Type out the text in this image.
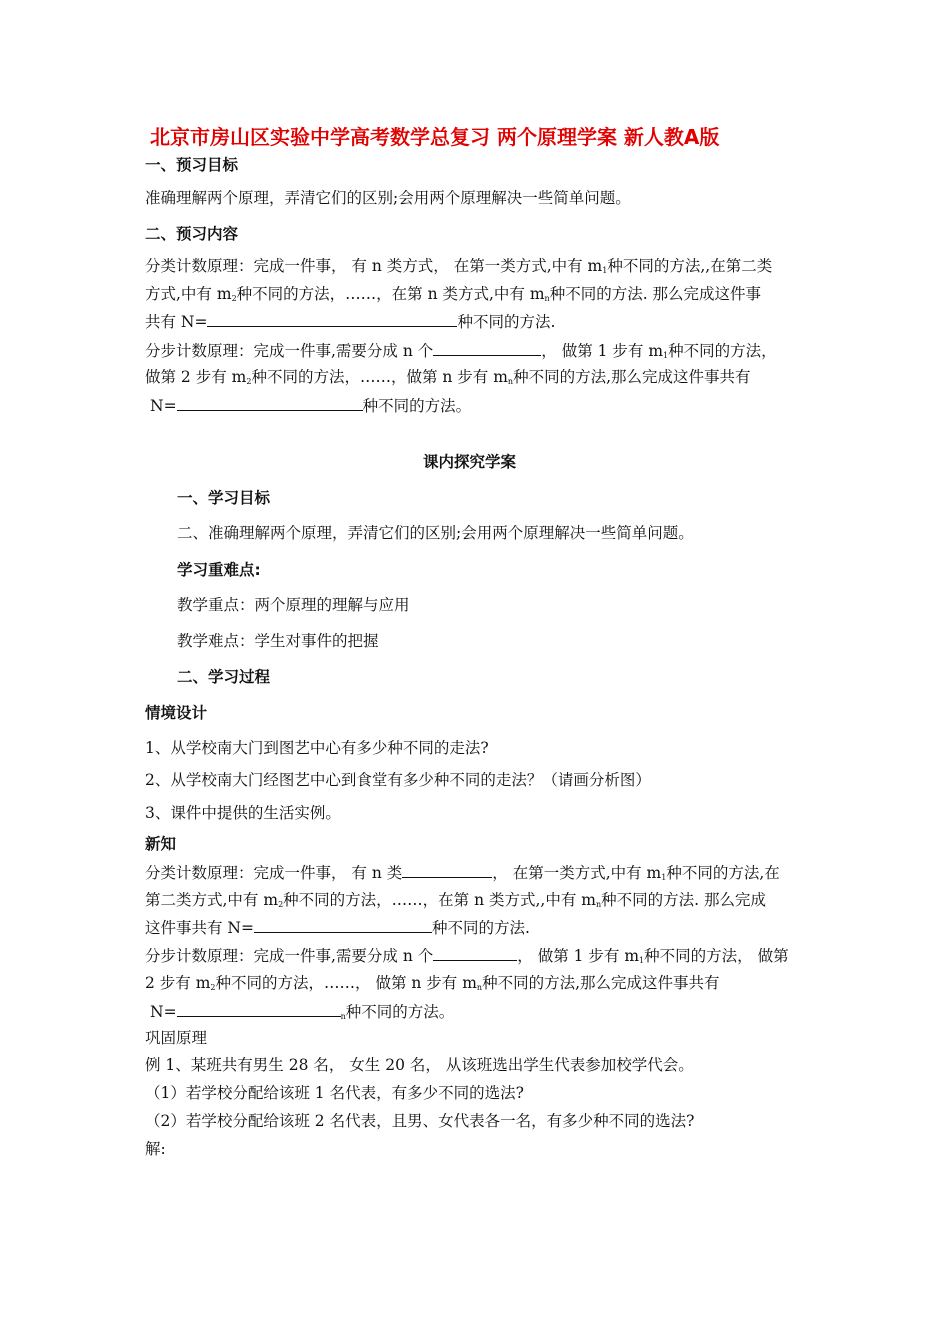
北京市房山区实验中学高考数学总复习 两个原理学案 新人教A版
一、预习目标
准确理解两个原理，弄清它们的区别;会用两个原理解决一些简单问题。
二、预习内容
分类计数原理：完成一件事， 有 n 类方式， 在第一类方式,中有 $m_1$种不同的方法,,在第二类
方式,中有 $m_2$种不同的方法，……，在第 n 类方式,中有 $m_n$种不同的方法. 那么完成这件事
共有 N=	种不同的方法.
分步计数原理：完成一件事,需要分成 n 个	， 做第 1 步有 $m_1$种不同的方法，
做第 2 步有 $m_2$种不同的方法，……，做第 n 步有 $m_n$种不同的方法,那么完成这件事共有
N=	种不同的方法。
课内探究学案
一、学习目标
二、准确理解两个原理，弄清它们的区别;会用两个原理解决一些简单问题。
学习重难点:
教学重点：两个原理的理解与应用
教学难点：学生对事件的把握
二、学习过程
情境设计
1、从学校南大门到图艺中心有多少种不同的走法?
2、从学校南大门经图艺中心到食堂有多少种不同的走法？（请画分析图）
3、课件中提供的生活实例。
新知
分类计数原理：完成一件事， 有 n 类	， 在第一类方式,中有 $m_1$种不同的方法,在
第二类方式,中有 $m_2$种不同的方法，……，在第 n 类方式,,中有 $m_n$种不同的方法. 那么完成
这件事共有 N=	种不同的方法.
分步计数原理：完成一件事,需要分成 n 个	， 做第 1 步有 $m_1$种不同的方法， 做第
2 步有 $m_2$种不同的方法，……， 做第 n 步有 $m_n$种不同的方法,那么完成这件事共有
N=	$_n$种不同的方法。
巩固原理
例 1、某班共有男生 28 名， 女生 20 名， 从该班选出学生代表参加校学代会。
（1）若学校分配给该班 1 名代表，有多少不同的选法?
（2）若学校分配给该班 2 名代表，且男、女代表各一名，有多少种不同的选法?
解:
